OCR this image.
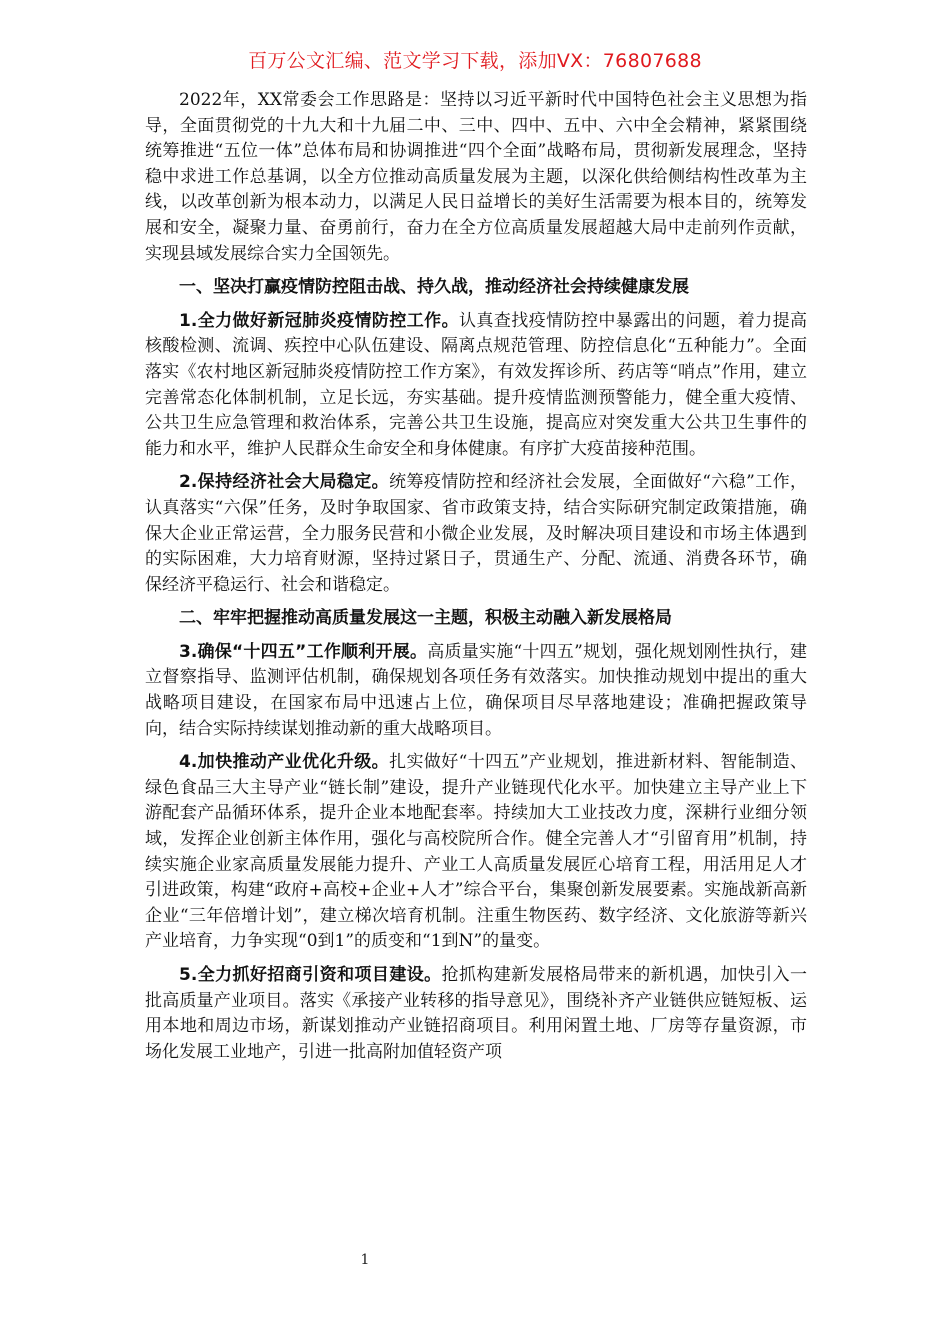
百万公文汇编、范文学习下载，添加VX：76807688

2022年，XX常委会工作思路是：坚持以习近平新时代中国特色社会主义思想为指导，全面贯彻党的十九大和十九届二中、三中、四中、五中、六中全会精神，紧紧围绕统筹推进“五位一体”总体布局和协调推进“四个全面”战略布局，贯彻新发展理念，坚持稳中求进工作总基调，以全方位推动高质量发展为主题，以深化供给侧结构性改革为主线，以改革创新为根本动力，以满足人民日益增长的美好生活需要为根本目的，统筹发展和安全，凝聚力量、奋勇前行，奋力在全方位高质量发展超越大局中走前列作贡献，实现县域发展综合实力全国领先。

一、坚决打赢疫情防控阻击战、持久战，推动经济社会持续健康发展

1.全力做好新冠肺炎疫情防控工作。认真查找疫情防控中暴露出的问题，着力提高核酸检测、流调、疾控中心队伍建设、隔离点规范管理、防控信息化“五种能力”。全面落实《农村地区新冠肺炎疫情防控工作方案》，有效发挥诊所、药店等“哨点”作用，建立完善常态化体制机制，立足长远，夯实基础。提升疫情监测预警能力，健全重大疫情、公共卫生应急管理和救治体系，完善公共卫生设施，提高应对突发重大公共卫生事件的能力和水平，维护人民群众生命安全和身体健康。有序扩大疫苗接种范围。

2.保持经济社会大局稳定。统筹疫情防控和经济社会发展，全面做好“六稳”工作，认真落实“六保”任务，及时争取国家、省市政策支持，结合实际研究制定政策措施，确保大企业正常运营，全力服务民营和小微企业发展，及时解决项目建设和市场主体遇到的实际困难，大力培育财源，坚持过紧日子，贯通生产、分配、流通、消费各环节，确保经济平稳运行、社会和谐稳定。

二、牢牢把握推动高质量发展这一主题，积极主动融入新发展格局

3.确保“十四五”工作顺利开展。高质量实施“十四五”规划，强化规划刚性执行，建立督察指导、监测评估机制，确保规划各项任务有效落实。加快推动规划中提出的重大战略项目建设，在国家布局中迅速占上位，确保项目尽早落地建设；准确把握政策导向，结合实际持续谋划推动新的重大战略项目。

4.加快推动产业优化升级。扎实做好“十四五”产业规划，推进新材料、智能制造、绿色食品三大主导产业“链长制”建设，提升产业链现代化水平。加快建立主导产业上下游配套产品循环体系，提升企业本地配套率。持续加大工业技改力度，深耕行业细分领域，发挥企业创新主体作用，强化与高校院所合作。健全完善人才“引留育用”机制，持续实施企业家高质量发展能力提升、产业工人高质量发展匠心培育工程，用活用足人才引进政策，构建“政府+高校+企业+人才”综合平台，集聚创新发展要素。实施战新高新企业“三年倍增计划”，建立梯次培育机制。注重生物医药、数字经济、文化旅游等新兴产业培育，力争实现“0到1”的质变和“1到N”的量变。

5.全力抓好招商引资和项目建设。抢抓构建新发展格局带来的新机遇，加快引入一批高质量产业项目。落实《承接产业转移的指导意见》，围绕补齐产业链供应链短板、运用本地和周边市场，新谋划推动产业链招商项目。利用闲置土地、厂房等存量资源，市场化发展工业地产，引进一批高附加值轻资产项

1
